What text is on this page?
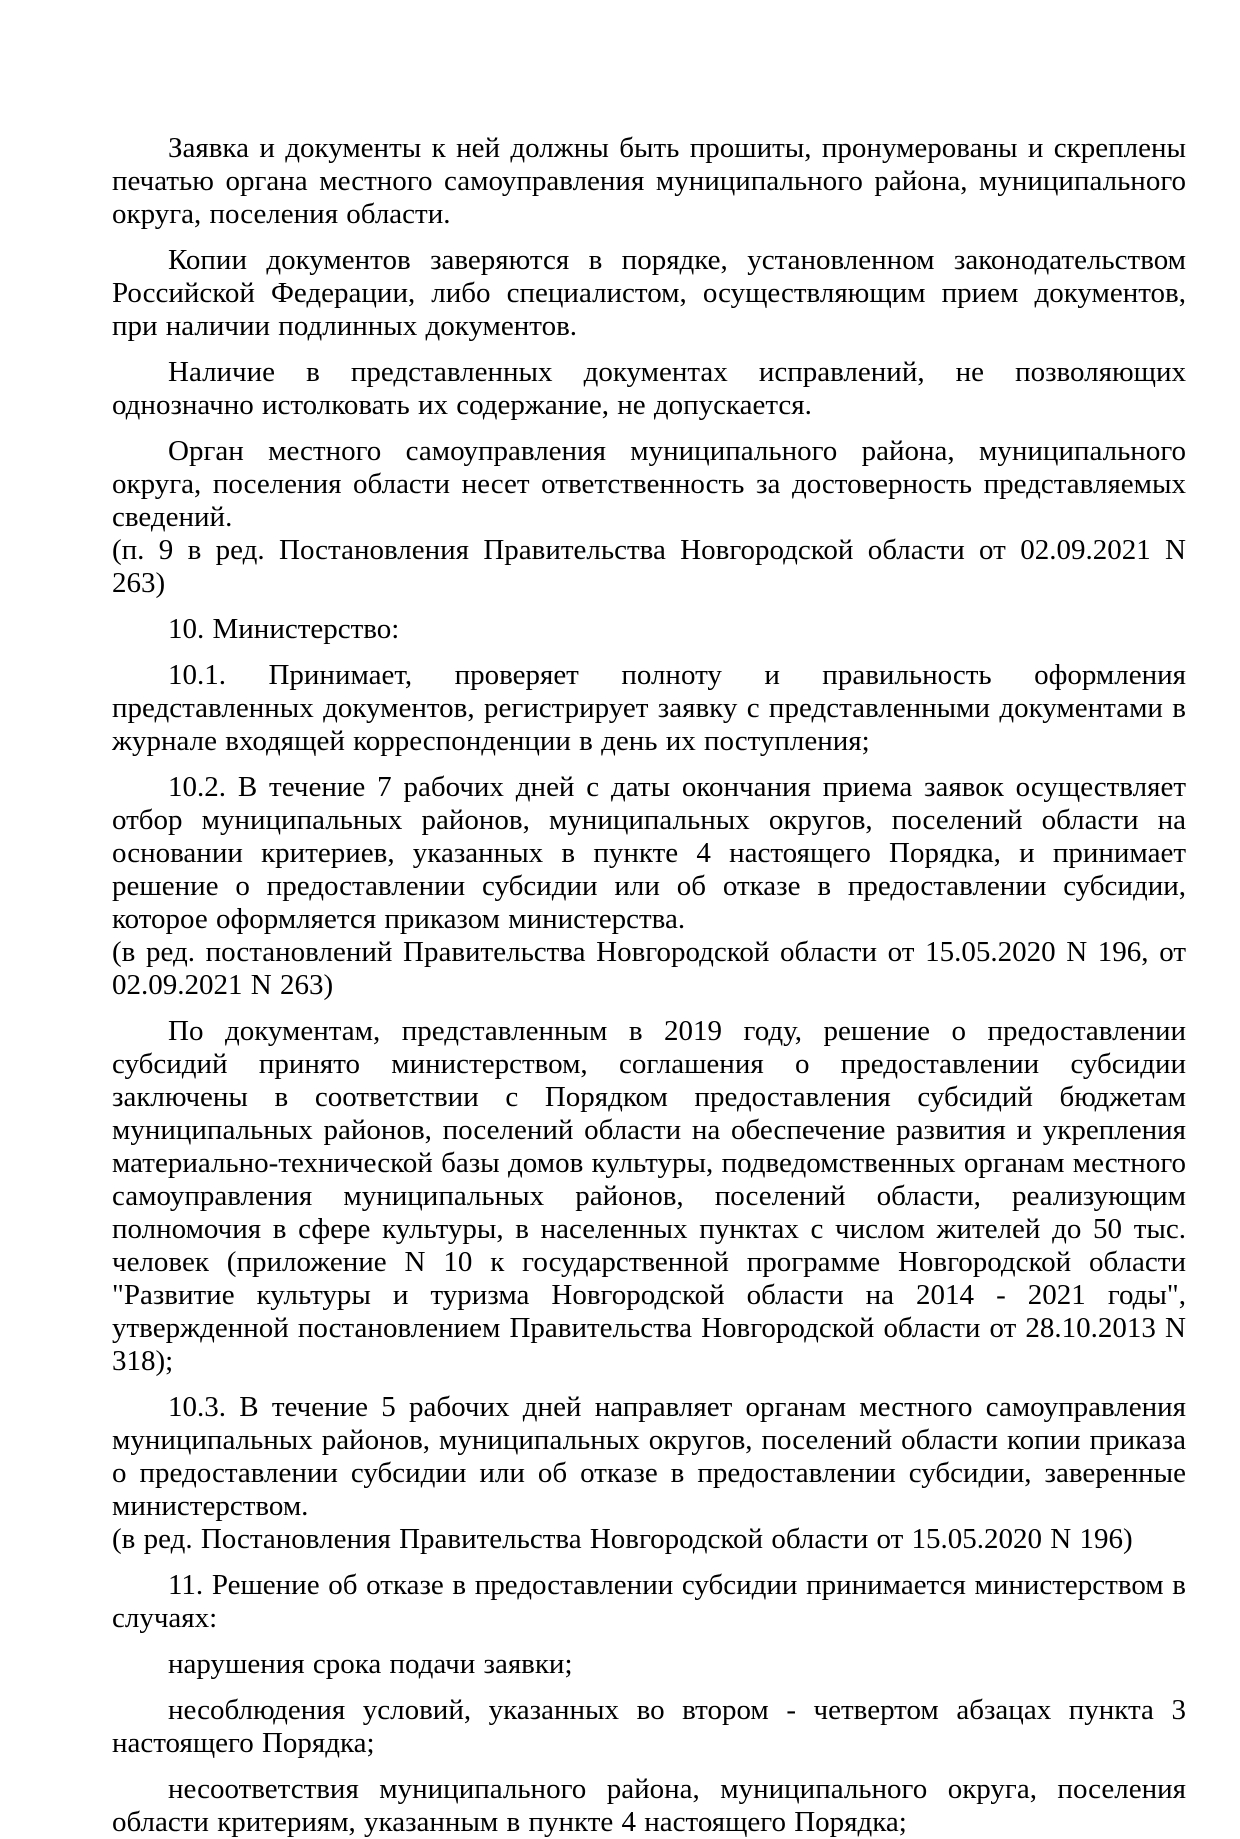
Заявка и документы к ней должны быть прошиты, пронумерованы и скреплены печатью органа местного самоуправления муниципального района, муниципального округа, поселения области.

Копии документов заверяются в порядке, установленном законодательством Российской Федерации, либо специалистом, осуществляющим прием документов, при наличии подлинных документов.

Наличие в представленных документах исправлений, не позволяющих однозначно истолковать их содержание, не допускается.

Орган местного самоуправления муниципального района, муниципального округа, поселения области несет ответственность за достоверность представляемых сведений.

(п. 9 в ред. Постановления Правительства Новгородской области от 02.09.2021 N 263)

10. Министерство:

10.1. Принимает, проверяет полноту и правильность оформления представленных документов, регистрирует заявку с представленными документами в журнале входящей корреспонденции в день их поступления;

10.2. В течение 7 рабочих дней с даты окончания приема заявок осуществляет отбор муниципальных районов, муниципальных округов, поселений области на основании критериев, указанных в пункте 4 настоящего Порядка, и принимает решение о предоставлении субсидии или об отказе в предоставлении субсидии, которое оформляется приказом министерства.

(в ред. постановлений Правительства Новгородской области от 15.05.2020 N 196, от 02.09.2021 N 263)

По документам, представленным в 2019 году, решение о предоставлении субсидий принято министерством, соглашения о предоставлении субсидии заключены в соответствии с Порядком предоставления субсидий бюджетам муниципальных районов, поселений области на обеспечение развития и укрепления материально-технической базы домов культуры, подведомственных органам местного самоуправления муниципальных районов, поселений области, реализующим полномочия в сфере культуры, в населенных пунктах с числом жителей до 50 тыс. человек (приложение N 10 к государственной программе Новгородской области "Развитие культуры и туризма Новгородской области на 2014 - 2021 годы", утвержденной постановлением Правительства Новгородской области от 28.10.2013 N 318);

10.3. В течение 5 рабочих дней направляет органам местного самоуправления муниципальных районов, муниципальных округов, поселений области копии приказа о предоставлении субсидии или об отказе в предоставлении субсидии, заверенные министерством.

(в ред. Постановления Правительства Новгородской области от 15.05.2020 N 196)

11. Решение об отказе в предоставлении субсидии принимается министерством в случаях:

нарушения срока подачи заявки;

несоблюдения условий, указанных во втором - четвертом абзацах пункта 3 настоящего Порядка;

несоответствия муниципального района, муниципального округа, поселения области критериям, указанным в пункте 4 настоящего Порядка;
